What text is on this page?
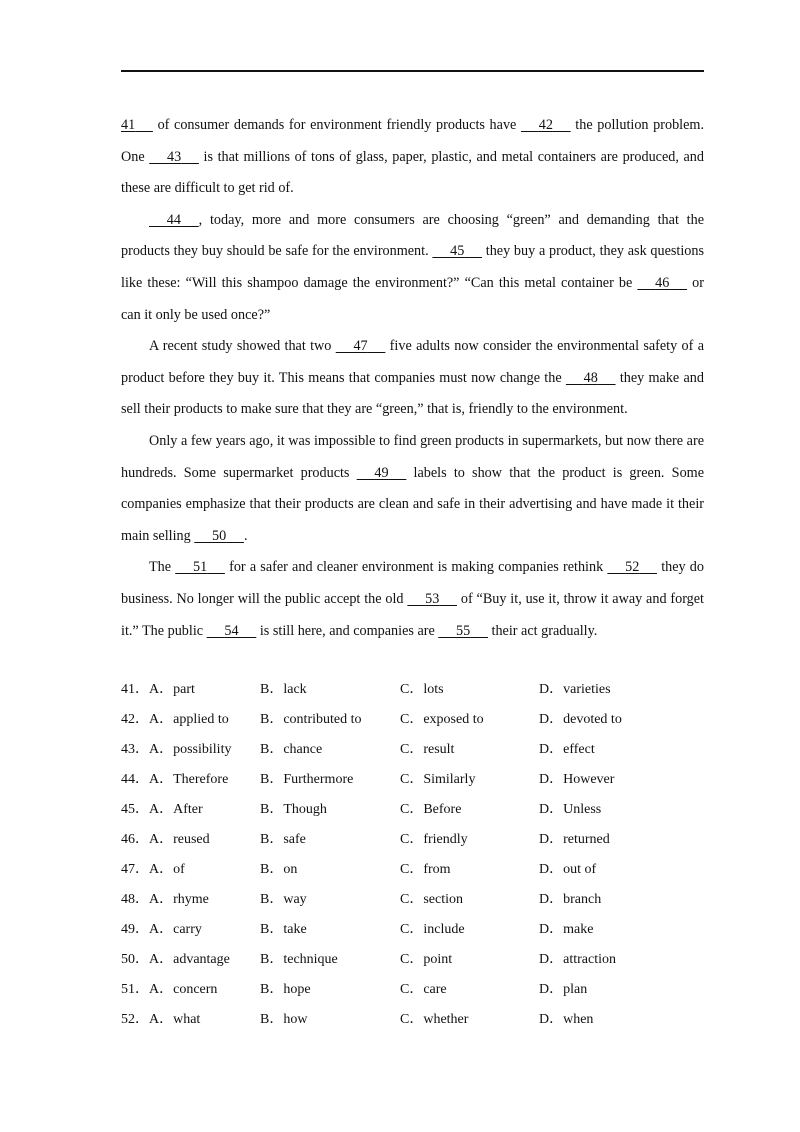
41      of consumer demands for environment friendly products have      42      the pollution problem. One      43      is that millions of tons of glass, paper, plastic, and metal containers are produced, and these are difficult to get rid of.

44 , today, more and more consumers are choosing “green” and demanding that the products they buy should be safe for the environment.      45      they buy a product, they ask questions like these: “Will this shampoo damage the environment?” “Can this metal container be      46      or can it only be used once?”

A recent study showed that two      47      five adults now consider the environmental safety of a product before they buy it. This means that companies must now change the      48      they make and sell their products to make sure that they are “green,” that is, friendly to the environment.

Only a few years ago, it was impossible to find green products in supermarkets, but now there are hundreds. Some supermarket products      49      labels to show that the product is green. Some companies emphasize that their products are clean and safe in their advertising and have made it their main selling      50 .

The      51      for a safer and cleaner environment is making companies rethink      52      they do business. No longer will the public accept the old      53      of “Buy it, use it, throw it away and forget it.” The public      54      is still here, and companies are      55      their act gradually.

41．A．part	B．lack	C．lots	D．varieties
42．A．applied to	B．contributed to	C．exposed to	D．devoted to
43．A．possibility	B．chance	C．result	D．effect
44．A．Therefore	B．Furthermore	C．Similarly	D．However
45．A．After	B．Though	C．Before	D．Unless
46．A．reused	B．safe	C．friendly	D．returned
47．A．of	B．on	C．from	D．out of
48．A．rhyme	B．way	C．section	D．branch
49．A．carry	B．take	C．include	D．make
50．A．advantage	B．technique	C．point	D．attraction
51．A．concern	B．hope	C．care	D．plan
52．A．what	B．how	C．whether	D．when
